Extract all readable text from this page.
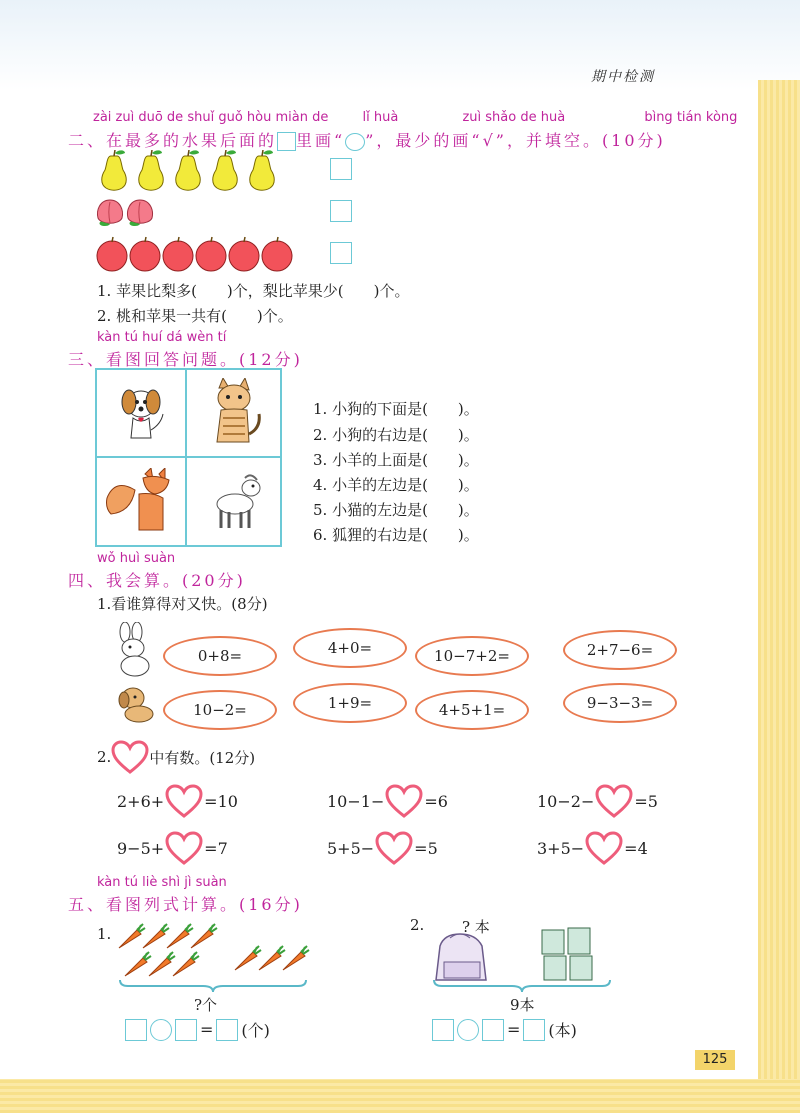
期中检测
zài zuì duō de shuǐ guǒ hòu miàn de	lǐ huà	zuì shǎo de huà	bìng tián kòng
二、在最多的水果后面的 里画“ ”，最少的画“√”，并填空。(10分)
1. 苹果比梨多(　　)个，梨比苹果少(　　)个。
2. 桃和苹果一共有(　　)个。
kàn tú huí dá wèn tí
三、看图回答问题。(12分)
1. 小狗的下面是(　　)。
2. 小狗的右边是(　　)。
3. 小羊的上面是(　　)。
4. 小羊的左边是(　　)。
5. 小猫的左边是(　　)。
6. 狐狸的右边是(　　)。
wǒ huì suàn
四、我会算。(20分)
1.看谁算得对又快。(8分)
0+8=	4+0=	10−7+2=	2+7−6=
10−2=	1+9=	4+5+1=	9−3−3=
2.	中有数。(12分)
2+6+	=10	10−1−	=6	10−2−	=5
9−5+	=7	5+5−	=5	3+5−	=4
kàn tú liè shì jì suàn
五、看图列式计算。(16分)
1.
?个
= (个)
2.	? 本
9本
= (本)
125
